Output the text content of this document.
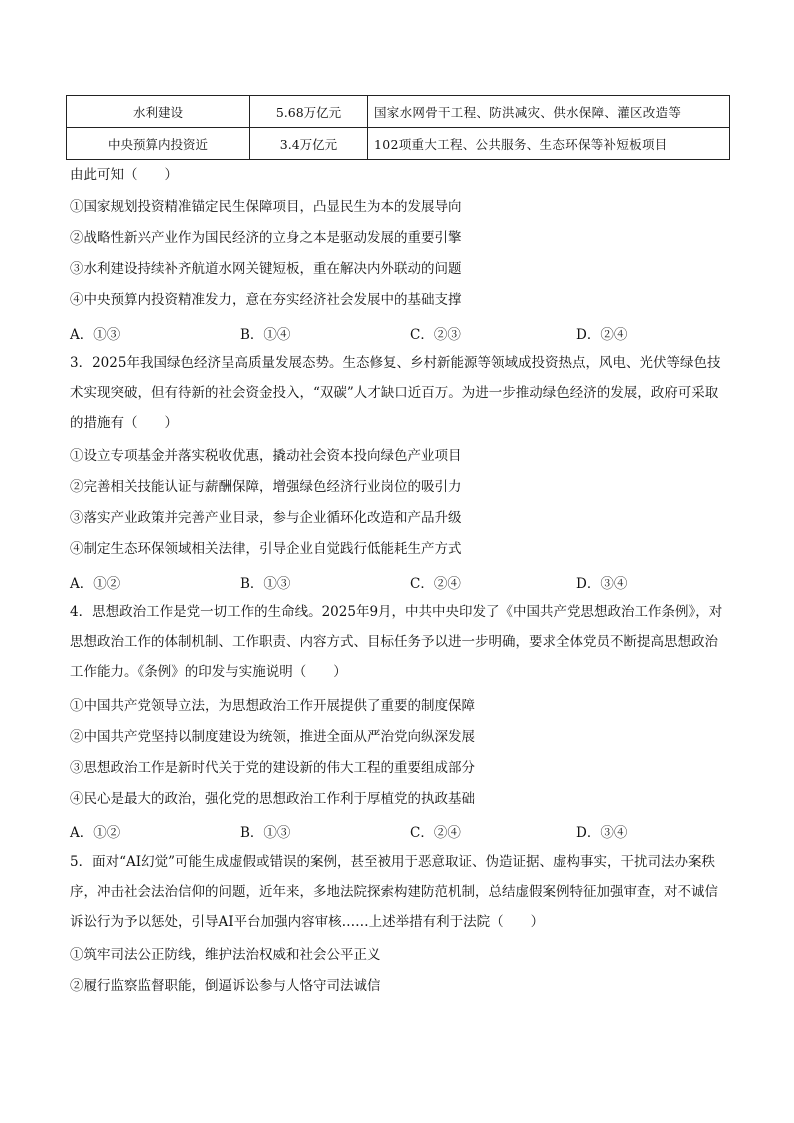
水利建设	5.68万亿元	国家水网骨干工程、防洪减灾、供水保障、灌区改造等
中央预算内投资近	3.4万亿元	102项重大工程、公共服务、生态环保等补短板项目
由此可知（　　）
①国家规划投资精准锚定民生保障项目，凸显民生为本的发展导向
②战略性新兴产业作为国民经济的立身之本是驱动发展的重要引擎
③水利建设持续补齐航道水网关键短板，重在解决内外联动的问题
④中央预算内投资精准发力，意在夯实经济社会发展中的基础支撑
A．①③	B．①④	C．②③	D．②④
3．2025年我国绿色经济呈高质量发展态势。生态修复、乡村新能源等领域成投资热点，风电、光伏等绿色技术实现突破，但有待新的社会资金投入，“双碳”人才缺口近百万。为进一步推动绿色经济的发展，政府可采取的措施有（　　）
①设立专项基金并落实税收优惠，撬动社会资本投向绿色产业项目
②完善相关技能认证与薪酬保障，增强绿色经济行业岗位的吸引力
③落实产业政策并完善产业目录，参与企业循环化改造和产品升级
④制定生态环保领域相关法律，引导企业自觉践行低能耗生产方式
A．①②	B．①③	C．②④	D．③④
4．思想政治工作是党一切工作的生命线。2025年9月，中共中央印发了《中国共产党思想政治工作条例》，对思想政治工作的体制机制、工作职责、内容方式、目标任务予以进一步明确，要求全体党员不断提高思想政治工作能力。《条例》的印发与实施说明（　　）
①中国共产党领导立法，为思想政治工作开展提供了重要的制度保障
②中国共产党坚持以制度建设为统领，推进全面从严治党向纵深发展
③思想政治工作是新时代关于党的建设新的伟大工程的重要组成部分
④民心是最大的政治，强化党的思想政治工作利于厚植党的执政基础
A．①②	B．①③	C．②④	D．③④
5．面对“AI幻觉”可能生成虚假或错误的案例，甚至被用于恶意取证、伪造证据、虚构事实，干扰司法办案秩序，冲击社会法治信仰的问题，近年来，多地法院探索构建防范机制，总结虚假案例特征加强审查，对不诚信诉讼行为予以惩处，引导AI平台加强内容审核……上述举措有利于法院（　　）
①筑牢司法公正防线，维护法治权威和社会公平正义
②履行监察监督职能，倒逼诉讼参与人恪守司法诚信
